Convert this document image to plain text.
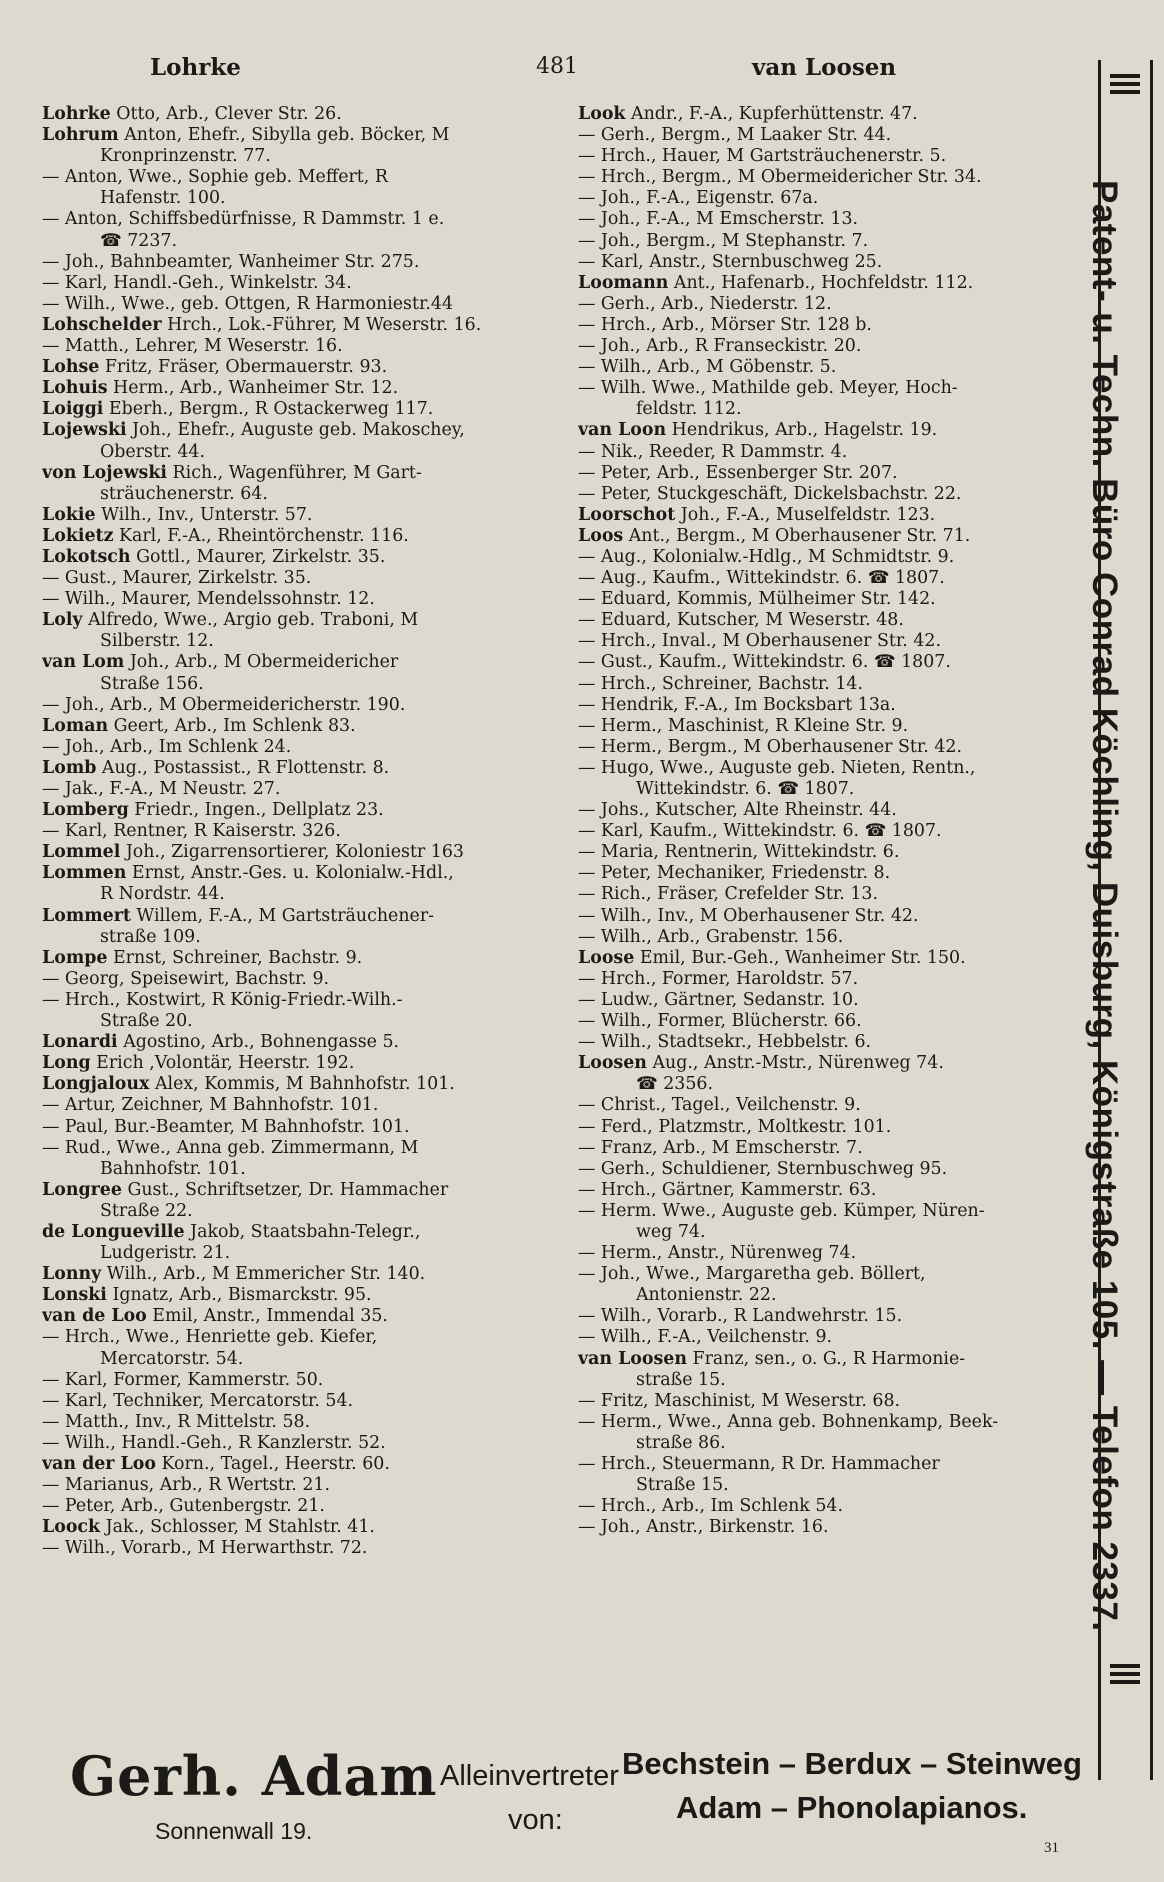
Lohrke	481	van Loosen
Lohrke Otto, Arb., Clever Str. 26.
Lohrum Anton, Ehefr., Sibylla geb. Böcker, M
Kronprinzenstr. 77.
— Anton, Wwe., Sophie geb. Meffert, R
Hafenstr. 100.
— Anton, Schiffsbedürfnisse, R Dammstr. 1 e.
☎ 7237.
— Joh., Bahnbeamter, Wanheimer Str. 275.
— Karl, Handl.-Geh., Winkelstr. 34.
— Wilh., Wwe., geb. Ottgen, R Harmoniestr.44
Lohschelder Hrch., Lok.-Führer, M Weserstr. 16.
— Matth., Lehrer, M Weserstr. 16.
Lohse Fritz, Fräser, Obermauerstr. 93.
Lohuis Herm., Arb., Wanheimer Str. 12.
Loiggi Eberh., Bergm., R Ostackerweg 117.
Lojewski Joh., Ehefr., Auguste geb. Makoschey,
Oberstr. 44.
von Lojewski Rich., Wagenführer, M Gart-
sträuchenerstr. 64.
Lokie Wilh., Inv., Unterstr. 57.
Lokietz Karl, F.-A., Rheintörchenstr. 116.
Lokotsch Gottl., Maurer, Zirkelstr. 35.
— Gust., Maurer, Zirkelstr. 35.
— Wilh., Maurer, Mendelssohnstr. 12.
Loly Alfredo, Wwe., Argio geb. Traboni, M
Silberstr. 12.
van Lom Joh., Arb., M Obermeidericher
Straße 156.
— Joh., Arb., M Obermeidericherstr. 190.
Loman Geert, Arb., Im Schlenk 83.
— Joh., Arb., Im Schlenk 24.
Lomb Aug., Postassist., R Flottenstr. 8.
— Jak., F.-A., M Neustr. 27.
Lomberg Friedr., Ingen., Dellplatz 23.
— Karl, Rentner, R Kaiserstr. 326.
Lommel Joh., Zigarrensortierer, Koloniestr 163
Lommen Ernst, Anstr.-Ges. u. Kolonialw.-Hdl.,
R Nordstr. 44.
Lommert Willem, F.-A., M Gartsträuchener-
straße 109.
Lompe Ernst, Schreiner, Bachstr. 9.
— Georg, Speisewirt, Bachstr. 9.
— Hrch., Kostwirt, R König-Friedr.-Wilh.-
Straße 20.
Lonardi Agostino, Arb., Bohnengasse 5.
Long Erich ,Volontär, Heerstr. 192.
Longjaloux Alex, Kommis, M Bahnhofstr. 101.
— Artur, Zeichner, M Bahnhofstr. 101.
— Paul, Bur.-Beamter, M Bahnhofstr. 101.
— Rud., Wwe., Anna geb. Zimmermann, M
Bahnhofstr. 101.
Longree Gust., Schriftsetzer, Dr. Hammacher
Straße 22.
de Longueville Jakob, Staatsbahn-Telegr.,
Ludgeristr. 21.
Lonny Wilh., Arb., M Emmericher Str. 140.
Lonski Ignatz, Arb., Bismarckstr. 95.
van de Loo Emil, Anstr., Immendal 35.
— Hrch., Wwe., Henriette geb. Kiefer,
Mercatorstr. 54.
— Karl, Former, Kammerstr. 50.
— Karl, Techniker, Mercatorstr. 54.
— Matth., Inv., R Mittelstr. 58.
— Wilh., Handl.-Geh., R Kanzlerstr. 52.
van der Loo Korn., Tagel., Heerstr. 60.
— Marianus, Arb., R Wertstr. 21.
— Peter, Arb., Gutenbergstr. 21.
Loock Jak., Schlosser, M Stahlstr. 41.
— Wilh., Vorarb., M Herwarthstr. 72.
Look Andr., F.-A., Kupferhüttenstr. 47.
— Gerh., Bergm., M Laaker Str. 44.
— Hrch., Hauer, M Gartsträuchenerstr. 5.
— Hrch., Bergm., M Obermeidericher Str. 34.
— Joh., F.-A., Eigenstr. 67a.
— Joh., F.-A., M Emscherstr. 13.
— Joh., Bergm., M Stephanstr. 7.
— Karl, Anstr., Sternbuschweg 25.
Loomann Ant., Hafenarb., Hochfeldstr. 112.
— Gerh., Arb., Niederstr. 12.
— Hrch., Arb., Mörser Str. 128 b.
— Joh., Arb., R Franseckistr. 20.
— Wilh., Arb., M Göbenstr. 5.
— Wilh. Wwe., Mathilde geb. Meyer, Hoch-
feldstr. 112.
van Loon Hendrikus, Arb., Hagelstr. 19.
— Nik., Reeder, R Dammstr. 4.
— Peter, Arb., Essenberger Str. 207.
— Peter, Stuckgeschäft, Dickelsbachstr. 22.
Loorschot Joh., F.-A., Muselfeldstr. 123.
Loos Ant., Bergm., M Oberhausener Str. 71.
— Aug., Kolonialw.-Hdlg., M Schmidtstr. 9.
— Aug., Kaufm., Wittekindstr. 6. ☎ 1807.
— Eduard, Kommis, Mülheimer Str. 142.
— Eduard, Kutscher, M Weserstr. 48.
— Hrch., Inval., M Oberhausener Str. 42.
— Gust., Kaufm., Wittekindstr. 6. ☎ 1807.
— Hrch., Schreiner, Bachstr. 14.
— Hendrik, F.-A., Im Bocksbart 13a.
— Herm., Maschinist, R Kleine Str. 9.
— Herm., Bergm., M Oberhausener Str. 42.
— Hugo, Wwe., Auguste geb. Nieten, Rentn.,
Wittekindstr. 6. ☎ 1807.
— Johs., Kutscher, Alte Rheinstr. 44.
— Karl, Kaufm., Wittekindstr. 6. ☎ 1807.
— Maria, Rentnerin, Wittekindstr. 6.
— Peter, Mechaniker, Friedenstr. 8.
— Rich., Fräser, Crefelder Str. 13.
— Wilh., Inv., M Oberhausener Str. 42.
— Wilh., Arb., Grabenstr. 156.
Loose Emil, Bur.-Geh., Wanheimer Str. 150.
— Hrch., Former, Haroldstr. 57.
— Ludw., Gärtner, Sedanstr. 10.
— Wilh., Former, Blücherstr. 66.
— Wilh., Stadtsekr., Hebbelstr. 6.
Loosen Aug., Anstr.-Mstr., Nürenweg 74.
☎ 2356.
— Christ., Tagel., Veilchenstr. 9.
— Ferd., Platzmstr., Moltkestr. 101.
— Franz, Arb., M Emscherstr. 7.
— Gerh., Schuldiener, Sternbuschweg 95.
— Hrch., Gärtner, Kammerstr. 63.
— Herm. Wwe., Auguste geb. Kümper, Nüren-
weg 74.
— Herm., Anstr., Nürenweg 74.
— Joh., Wwe., Margaretha geb. Böllert,
Antonienstr. 22.
— Wilh., Vorarb., R Landwehrstr. 15.
— Wilh., F.-A., Veilchenstr. 9.
van Loosen Franz, sen., o. G., R Harmonie-
straße 15.
— Fritz, Maschinist, M Weserstr. 68.
— Herm., Wwe., Anna geb. Bohnenkamp, Beek-
straße 86.
— Hrch., Steuermann, R Dr. Hammacher
Straße 15.
— Hrch., Arb., Im Schlenk 54.
— Joh., Anstr., Birkenstr. 16.	Patent- u. Techn. Büro Conrad Köchling, Duisburg, Königstraße 105. — Telefon 2337.
Gerh. Adam
Sonnenwall 19.
Alleinvertreter
von:
Bechstein – Berdux – Steinweg
Adam – Phonolapianos.
31
